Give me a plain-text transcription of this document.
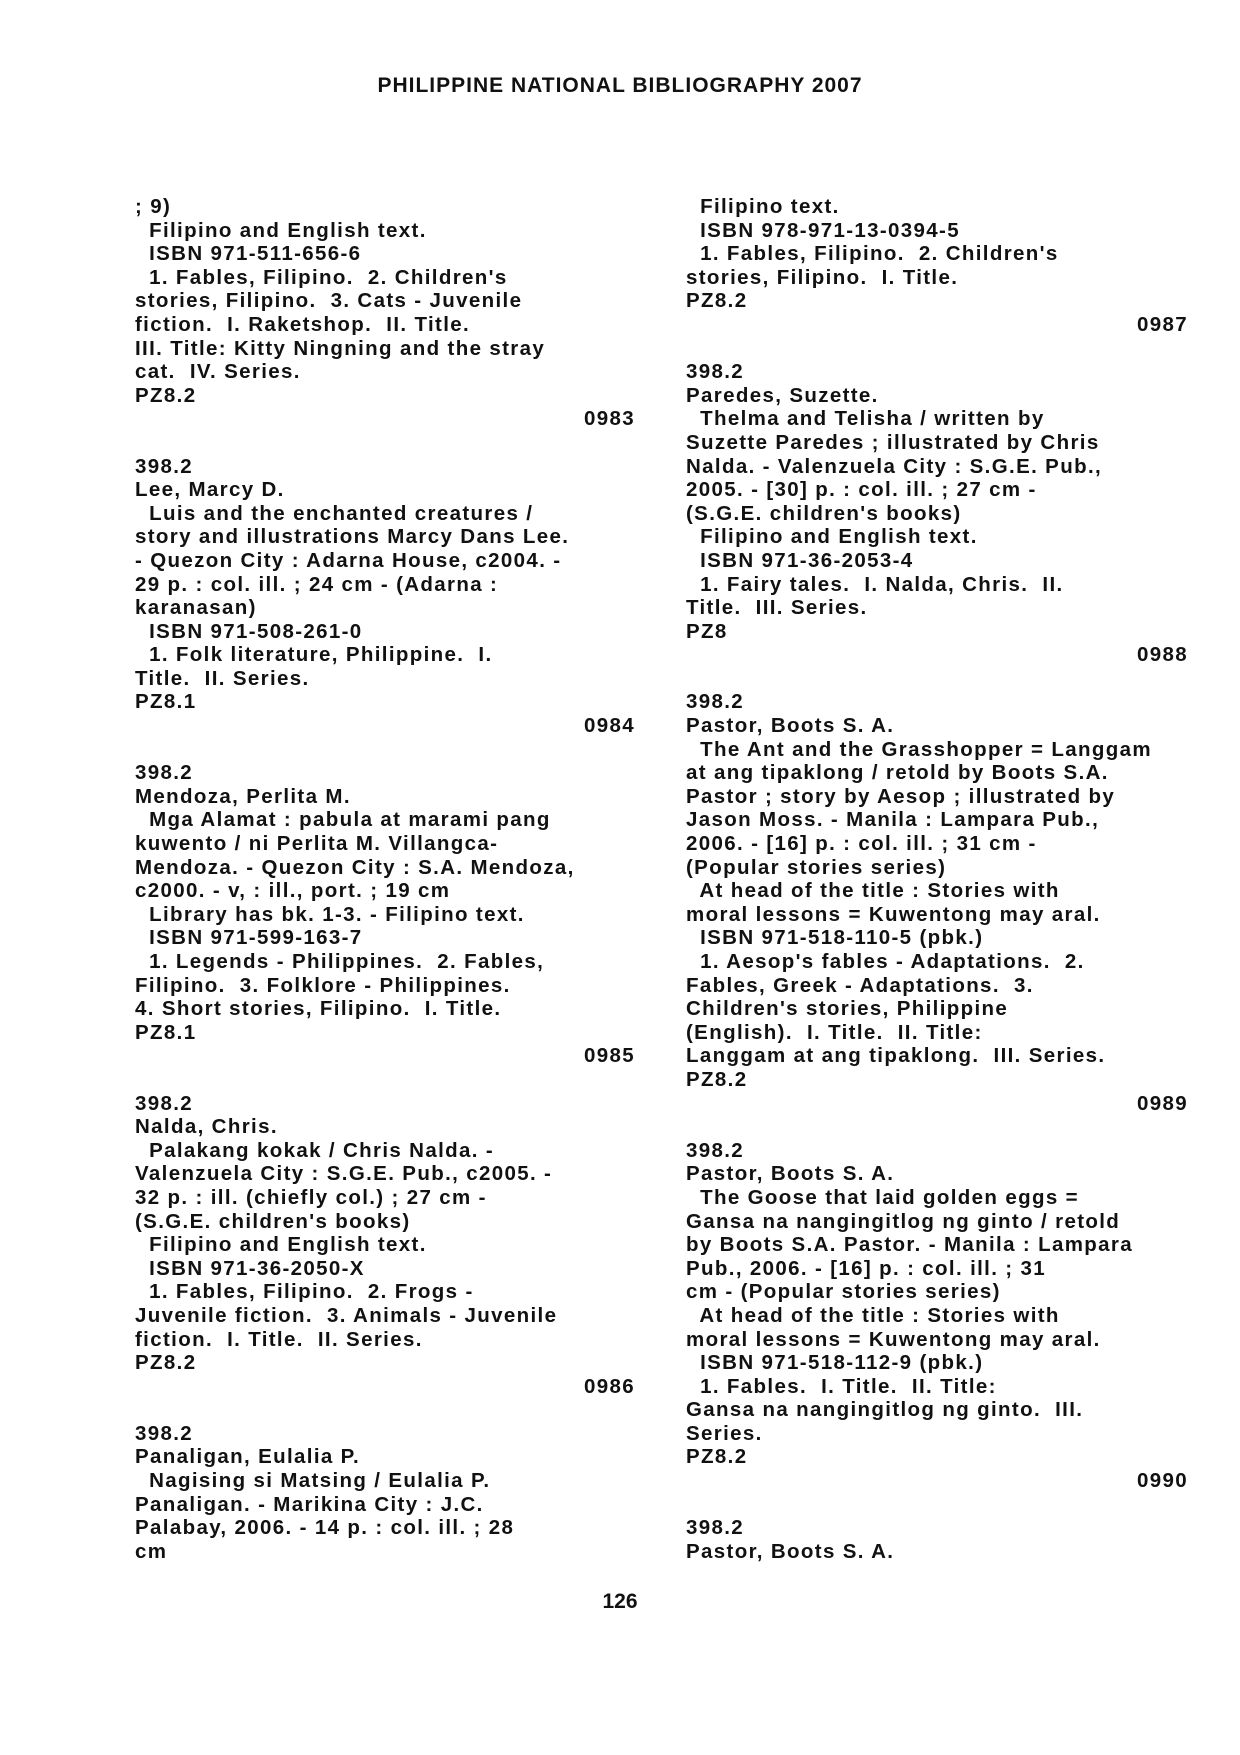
PHILIPPINE NATIONAL BIBLIOGRAPHY 2007
; 9)
Filipino and English text.
ISBN 971-511-656-6
1. Fables, Filipino.  2. Children's
stories, Filipino.  3. Cats - Juvenile
fiction.  I. Raketshop.  II. Title.
III. Title: Kitty Ningning and the stray
cat.  IV. Series.
PZ8.2
0983
398.2
Lee, Marcy D.
Luis and the enchanted creatures /
story and illustrations Marcy Dans Lee.
- Quezon City : Adarna House, c2004. -
29 p. : col. ill. ; 24 cm - (Adarna :
karanasan)
ISBN 971-508-261-0
1. Folk literature, Philippine.  I.
Title.  II. Series.
PZ8.1
0984
398.2
Mendoza, Perlita M.
Mga Alamat : pabula at marami pang
kuwento / ni Perlita M. Villangca-
Mendoza. - Quezon City : S.A. Mendoza,
c2000. - v, : ill., port. ; 19 cm
Library has bk. 1-3. - Filipino text.
ISBN 971-599-163-7
1. Legends - Philippines.  2. Fables,
Filipino.  3. Folklore - Philippines.
4. Short stories, Filipino.  I. Title.
PZ8.1
0985
398.2
Nalda, Chris.
Palakang kokak / Chris Nalda. -
Valenzuela City : S.G.E. Pub., c2005. -
32 p. : ill. (chiefly col.) ; 27 cm -
(S.G.E. children's books)
Filipino and English text.
ISBN 971-36-2050-X
1. Fables, Filipino.  2. Frogs -
Juvenile fiction.  3. Animals - Juvenile
fiction.  I. Title.  II. Series.
PZ8.2
0986
398.2
Panaligan, Eulalia P.
Nagising si Matsing / Eulalia P.
Panaligan. - Marikina City : J.C.
Palabay, 2006. - 14 p. : col. ill. ; 28
cm
Filipino text.
ISBN 978-971-13-0394-5
1. Fables, Filipino.  2. Children's
stories, Filipino.  I. Title.
PZ8.2
0987
398.2
Paredes, Suzette.
Thelma and Telisha / written by
Suzette Paredes ; illustrated by Chris
Nalda. - Valenzuela City : S.G.E. Pub.,
2005. - [30] p. : col. ill. ; 27 cm -
(S.G.E. children's books)
Filipino and English text.
ISBN 971-36-2053-4
1. Fairy tales.  I. Nalda, Chris.  II.
Title.  III. Series.
PZ8
0988
398.2
Pastor, Boots S. A.
The Ant and the Grasshopper = Langgam
at ang tipaklong / retold by Boots S.A.
Pastor ; story by Aesop ; illustrated by
Jason Moss. - Manila : Lampara Pub.,
2006. - [16] p. : col. ill. ; 31 cm -
(Popular stories series)
At head of the title : Stories with
moral lessons = Kuwentong may aral.
ISBN 971-518-110-5 (pbk.)
1. Aesop's fables - Adaptations.  2.
Fables, Greek - Adaptations.  3.
Children's stories, Philippine
(English).  I. Title.  II. Title:
Langgam at ang tipaklong.  III. Series.
PZ8.2
0989
398.2
Pastor, Boots S. A.
The Goose that laid golden eggs =
Gansa na nangingitlog ng ginto / retold
by Boots S.A. Pastor. - Manila : Lampara
Pub., 2006. - [16] p. : col. ill. ; 31
cm - (Popular stories series)
At head of the title : Stories with
moral lessons = Kuwentong may aral.
ISBN 971-518-112-9 (pbk.)
1. Fables.  I. Title.  II. Title:
Gansa na nangingitlog ng ginto.  III.
Series.
PZ8.2
0990
398.2
Pastor, Boots S. A.
126
